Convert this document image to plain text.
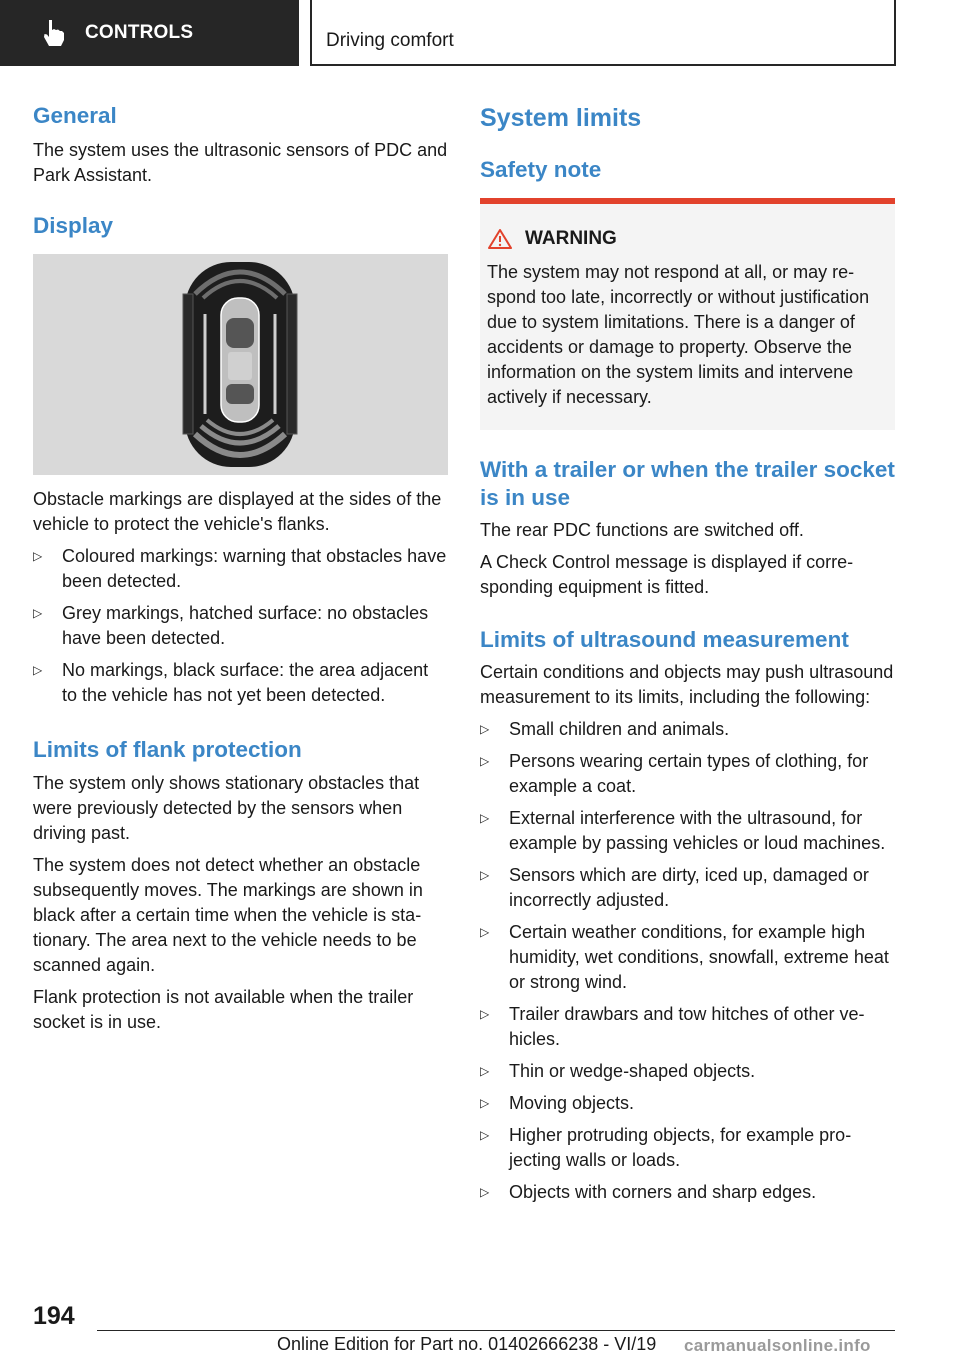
CONTROLS	Driving comfort
General

The system uses the ultrasonic sensors of PDC and Park Assistant.

Display

Obstacle markings are displayed at the sides of the vehicle to protect the vehicle's flanks.

▷ Coloured markings: warning that obstacles have been detected.
▷ Grey markings, hatched surface: no obstacles have been detected.
▷ No markings, black surface: the area adjacent to the vehicle has not yet been detected.
Limits of flank protection

The system only shows stationary obstacles that were previously detected by the sensors when driving past.

The system does not detect whether an obstacle subsequently moves. The markings are shown in black after a certain time when the vehicle is stationary. The area next to the vehicle needs to be scanned again.

Flank protection is not available when the trailer socket is in use.

System limits
Safety note
WARNING

The system may not respond at all, or may respond too late, incorrectly or without justification due to system limitations. There is a danger of accidents or damage to property. Observe the information on the system limits and intervene actively if necessary.

With a trailer or when the trailer socket is in use

The rear PDC functions are switched off.

A Check Control message is displayed if corresponding equipment is fitted.

Limits of ultrasound measurement

Certain conditions and objects may push ultrasound measurement to its limits, including the following:

▷ Small children and animals.
▷ Persons wearing certain types of clothing, for example a coat.
▷ External interference with the ultrasound, for example by passing vehicles or loud machines.
▷ Sensors which are dirty, iced up, damaged or incorrectly adjusted.
▷ Certain weather conditions, for example high humidity, wet conditions, snowfall, extreme heat or strong wind.
▷ Trailer drawbars and tow hitches of other vehicles.
▷ Thin or wedge-shaped objects.
▷ Moving objects.
▷ Higher protruding objects, for example projecting walls or loads.
▷ Objects with corners and sharp edges.
194
Online Edition for Part no. 01402666238 - VI/19 carmanualsonline.info
